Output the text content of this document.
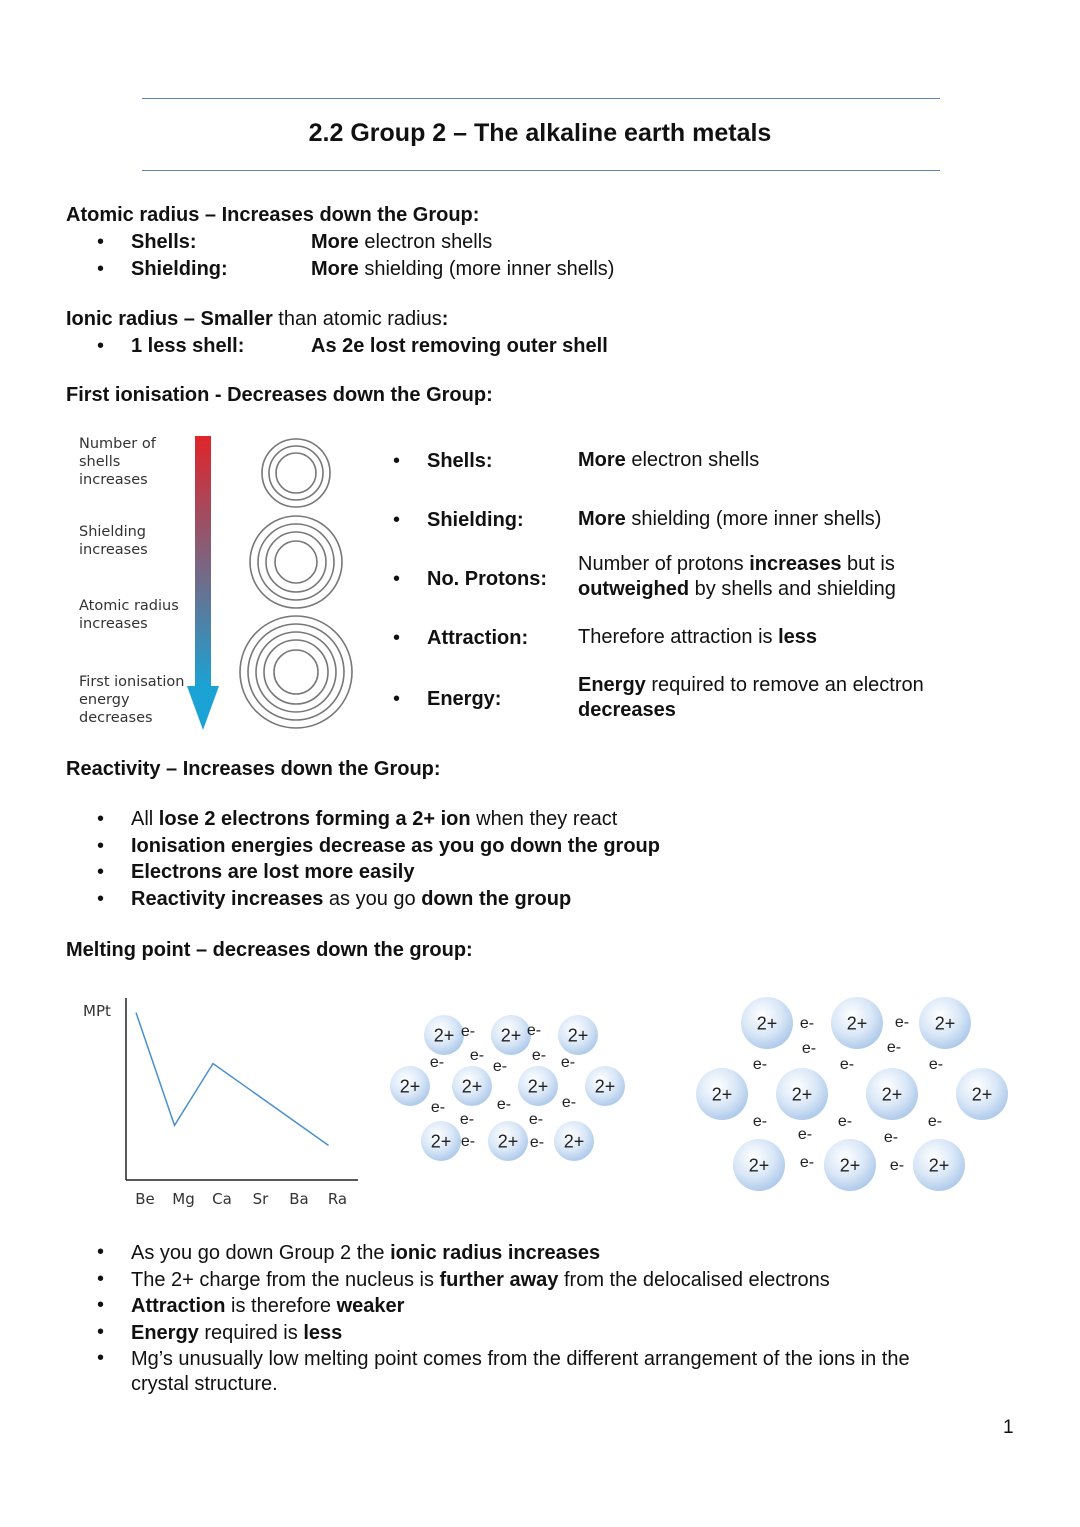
2.2 Group 2 – The alkaline earth metals
Atomic radius – Increases down the Group:
• Shells:	More electron shells
• Shielding:	More shielding (more inner shells)
Ionic radius – Smaller than atomic radius:
• 1 less shell:	As 2e lost removing outer shell
First ionisation - Decreases down the Group:
Number of
shells
increases
Shielding
increases
Atomic radius
increases
First ionisation
energy
decreases
• Shells:	More electron shells
• Shielding:	More shielding (more inner shells)
• No. Protons:
Number of protons increases but is
outweighed by shells and shielding
• Attraction: Therefore attraction is less
• Energy:
Energy required to remove an electron
decreases
Reactivity – Increases down the Group:
• All lose 2 electrons forming a 2+ ion when they react
• Ionisation energies decrease as you go down the group
• Electrons are lost more easily
• Reactivity increases as you go down the group
Melting point – decreases down the group:
MPt
Be Mg Ca Sr Ba Ra
2+	2+	2+
2+ 2+	2+	2+
2+	2+	2+
e-	e-
e-	e-
e-	e-	e-
e-	e-	e-
e-	e-
e-	e-
2+	2+	2+
2+	2+	2+	2+
2+	2+	2+
e-	e-
e-	e-
e-	e-	e-
e-	e-	e-
e-	e-
e-	e-
• As you go down Group 2 the ionic radius increases
• The 2+ charge from the nucleus is further away from the delocalised electrons
• Attraction is therefore weaker
• Energy required is less
• Mg’s unusually low melting point comes from the different arrangement of the ions in the
crystal structure.
1
